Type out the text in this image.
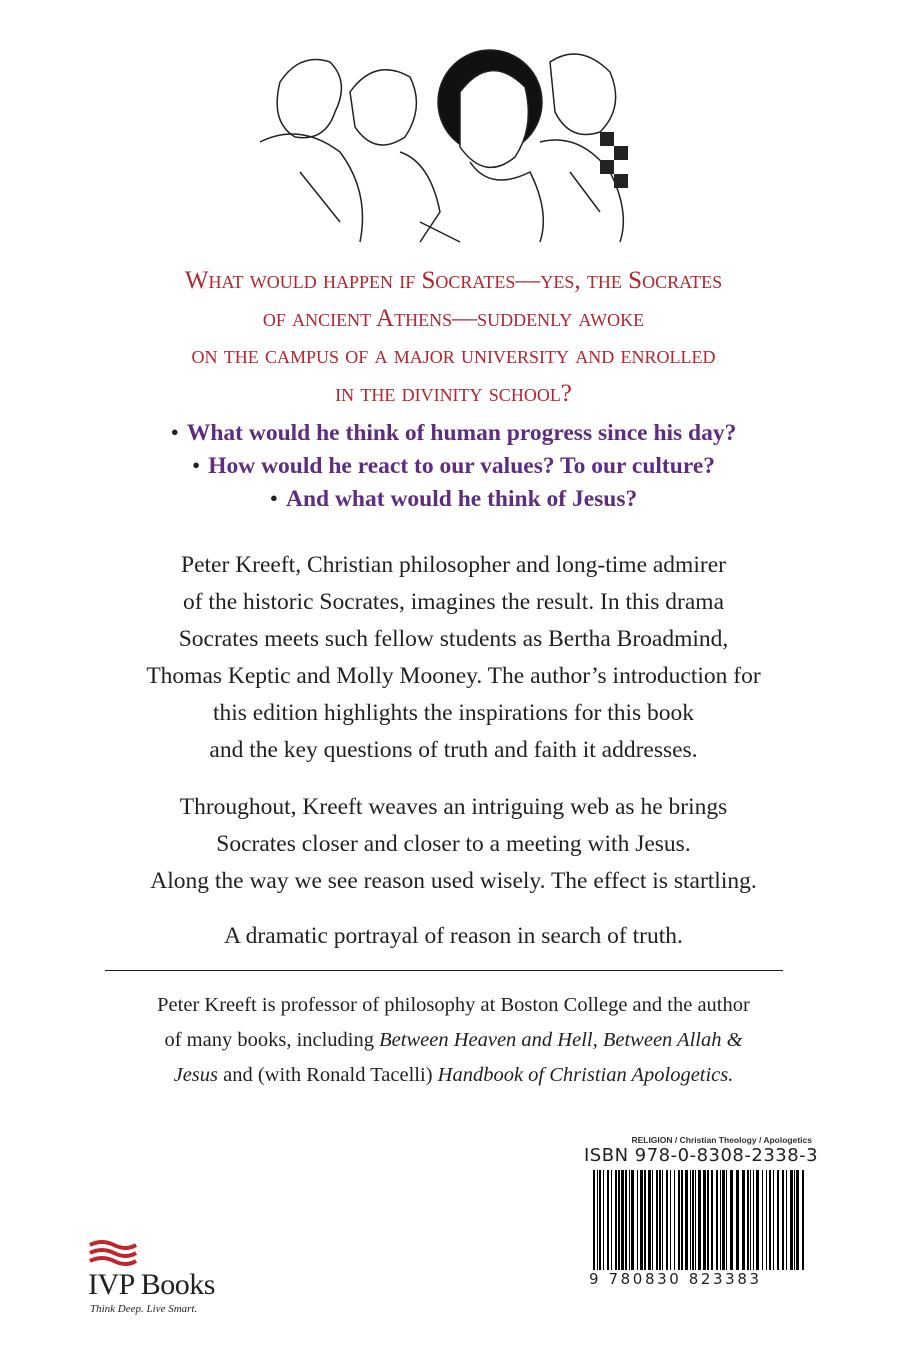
What would happen if Socrates—yes, the Socrates
of ancient Athens—suddenly awoke
on the campus of a major university and enrolled
in the divinity school?
• What would he think of human progress since his day?
• How would he react to our values? To our culture?
• And what would he think of Jesus?
Peter Kreeft, Christian philosopher and long-time admirer
of the historic Socrates, imagines the result. In this drama
Socrates meets such fellow students as Bertha Broadmind,
Thomas Keptic and Molly Mooney. The author’s introduction for
this edition highlights the inspirations for this book
and the key questions of truth and faith it addresses.
Throughout, Kreeft weaves an intriguing web as he brings
Socrates closer and closer to a meeting with Jesus.
Along the way we see reason used wisely. The effect is startling.
A dramatic portrayal of reason in search of truth.
Peter Kreeft is professor of philosophy at Boston College and the author
of many books, including Between Heaven and Hell, Between Allah &
Jesus and (with Ronald Tacelli) Handbook of Christian Apologetics.
RELIGION / Christian Theology / Apologetics
ISBN 978-0-8308-2338-3
9 780830 823383
IVP Books
Think Deep. Live Smart.
